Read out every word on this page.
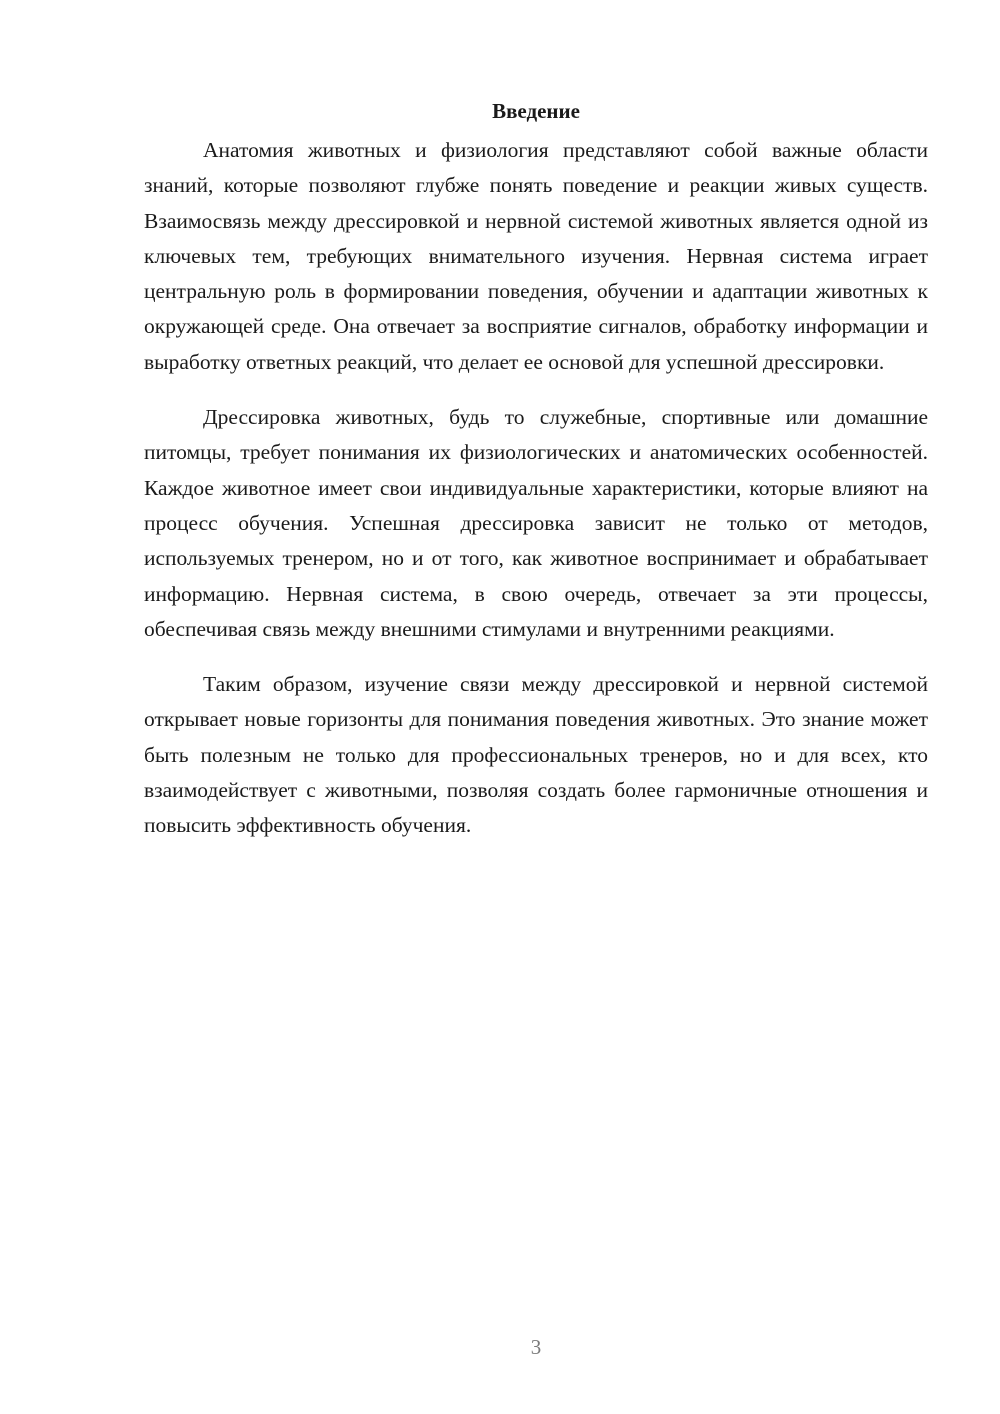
Введение

Анатомия животных и физиология представляют собой важные области знаний, которые позволяют глубже понять поведение и реакции живых существ. Взаимосвязь между дрессировкой и нервной системой животных является одной из ключевых тем, требующих внимательного изучения. Нервная система играет центральную роль в формировании поведения, обучении и адаптации животных к окружающей среде. Она отвечает за восприятие сигналов, обработку информации и выработку ответных реакций, что делает ее основой для успешной дрессировки.

Дрессировка животных, будь то служебные, спортивные или домашние питомцы, требует понимания их физиологических и анатомических особенностей. Каждое животное имеет свои индивидуальные характеристики, которые влияют на процесс обучения. Успешная дрессировка зависит не только от методов, используемых тренером, но и от того, как животное воспринимает и обрабатывает информацию. Нервная система, в свою очередь, отвечает за эти процессы, обеспечивая связь между внешними стимулами и внутренними реакциями.

Таким образом, изучение связи между дрессировкой и нервной системой открывает новые горизонты для понимания поведения животных. Это знание может быть полезным не только для профессиональных тренеров, но и для всех, кто взаимодействует с животными, позволяя создать более гармоничные отношения и повысить эффективность обучения.

3
